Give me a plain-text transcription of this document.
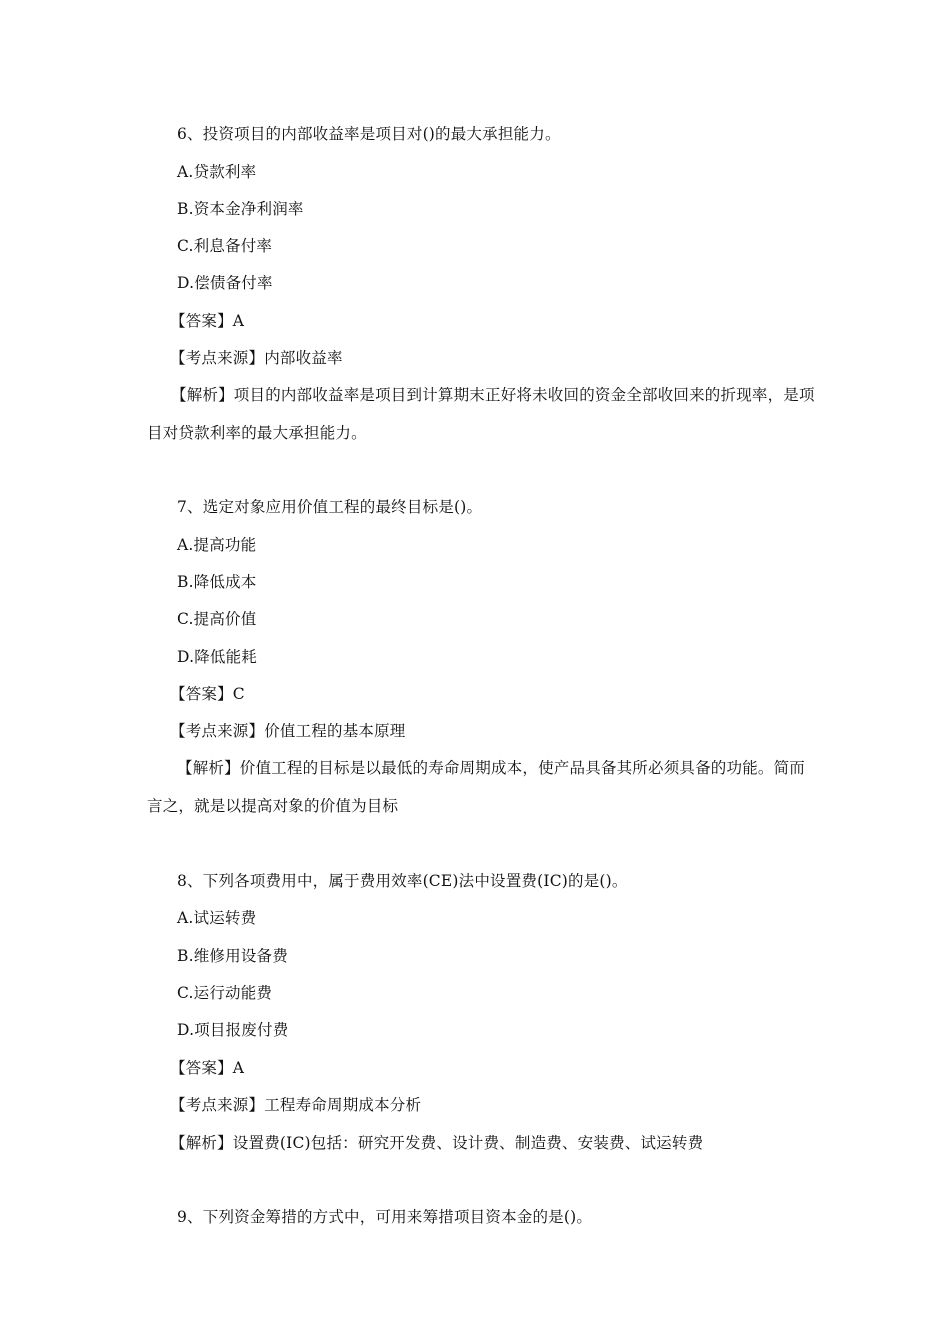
6、投资项目的内部收益率是项目对()的最大承担能力。
A.贷款利率
B.资本金净利润率
C.利息备付率
D.偿债备付率
【答案】A
【考点来源】内部收益率
【解析】项目的内部收益率是项目到计算期末正好将未收回的资金全部收回来的折现率，是项目对贷款利率的最大承担能力。
7、选定对象应用价值工程的最终目标是()。
A.提高功能
B.降低成本
C.提高价值
D.降低能耗
【答案】C
【考点来源】价值工程的基本原理
【解析】价值工程的目标是以最低的寿命周期成本，使产品具备其所必须具备的功能。简而言之，就是以提高对象的价值为目标
8、下列各项费用中，属于费用效率(CE)法中设置费(IC)的是()。
A.试运转费
B.维修用设备费
C.运行动能费
D.项目报废付费
【答案】A
【考点来源】工程寿命周期成本分析
【解析】设置费(IC)包括：研究开发费、设计费、制造费、安装费、试运转费
9、下列资金筹措的方式中，可用来筹措项目资本金的是()。
